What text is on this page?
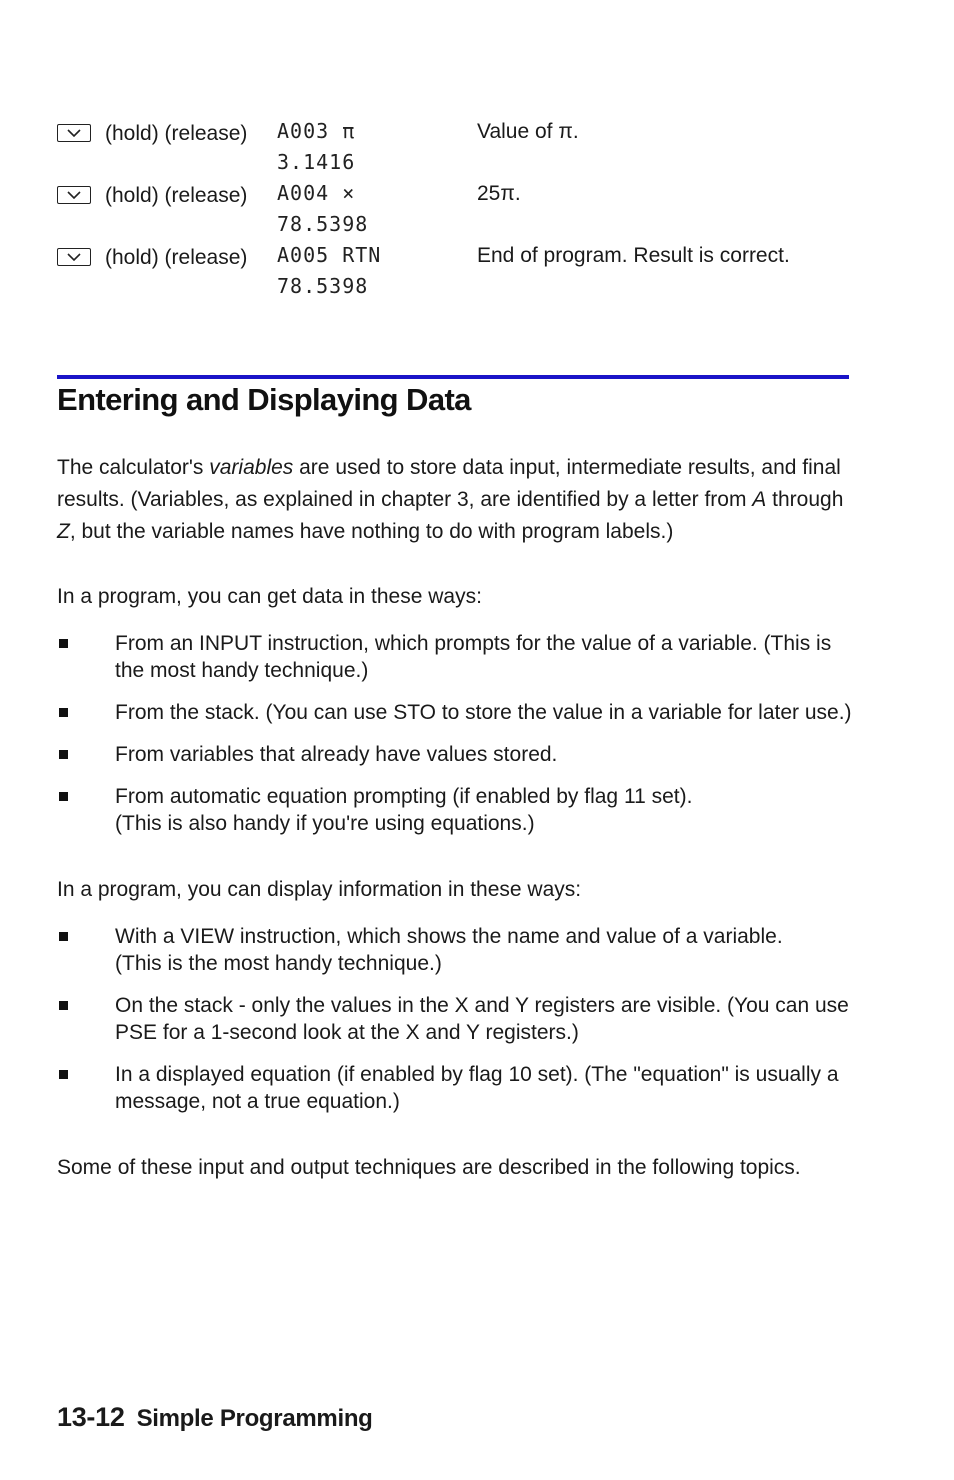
(hold) (release) A003 π
3.1416
Value of π.
(hold) (release) A004 ×
78.5398
25π.
(hold) (release) A005 RTN
78.5398
End of program. Result is correct.
Entering and Displaying Data

The calculator's variables are used to store data input, intermediate results, and final results. (Variables, as explained in chapter 3, are identified by a letter from A through Z, but the variable names have nothing to do with program labels.)

In a program, you can get data in these ways:

From an INPUT instruction, which prompts for the value of a variable. (This is the most handy technique.)
From the stack. (You can use STO to store the value in a variable for later use.)
From variables that already have values stored.
From automatic equation prompting (if enabled by flag 11 set). (This is also handy if you're using equations.)

In a program, you can display information in these ways:

With a VIEW instruction, which shows the name and value of a variable. (This is the most handy technique.)
On the stack - only the values in the X and Y registers are visible. (You can use PSE for a 1-second look at the X and Y registers.)
In a displayed equation (if enabled by flag 10 set). (The "equation" is usually a message, not a true equation.)

Some of these input and output techniques are described in the following topics.

13-12 Simple Programming
